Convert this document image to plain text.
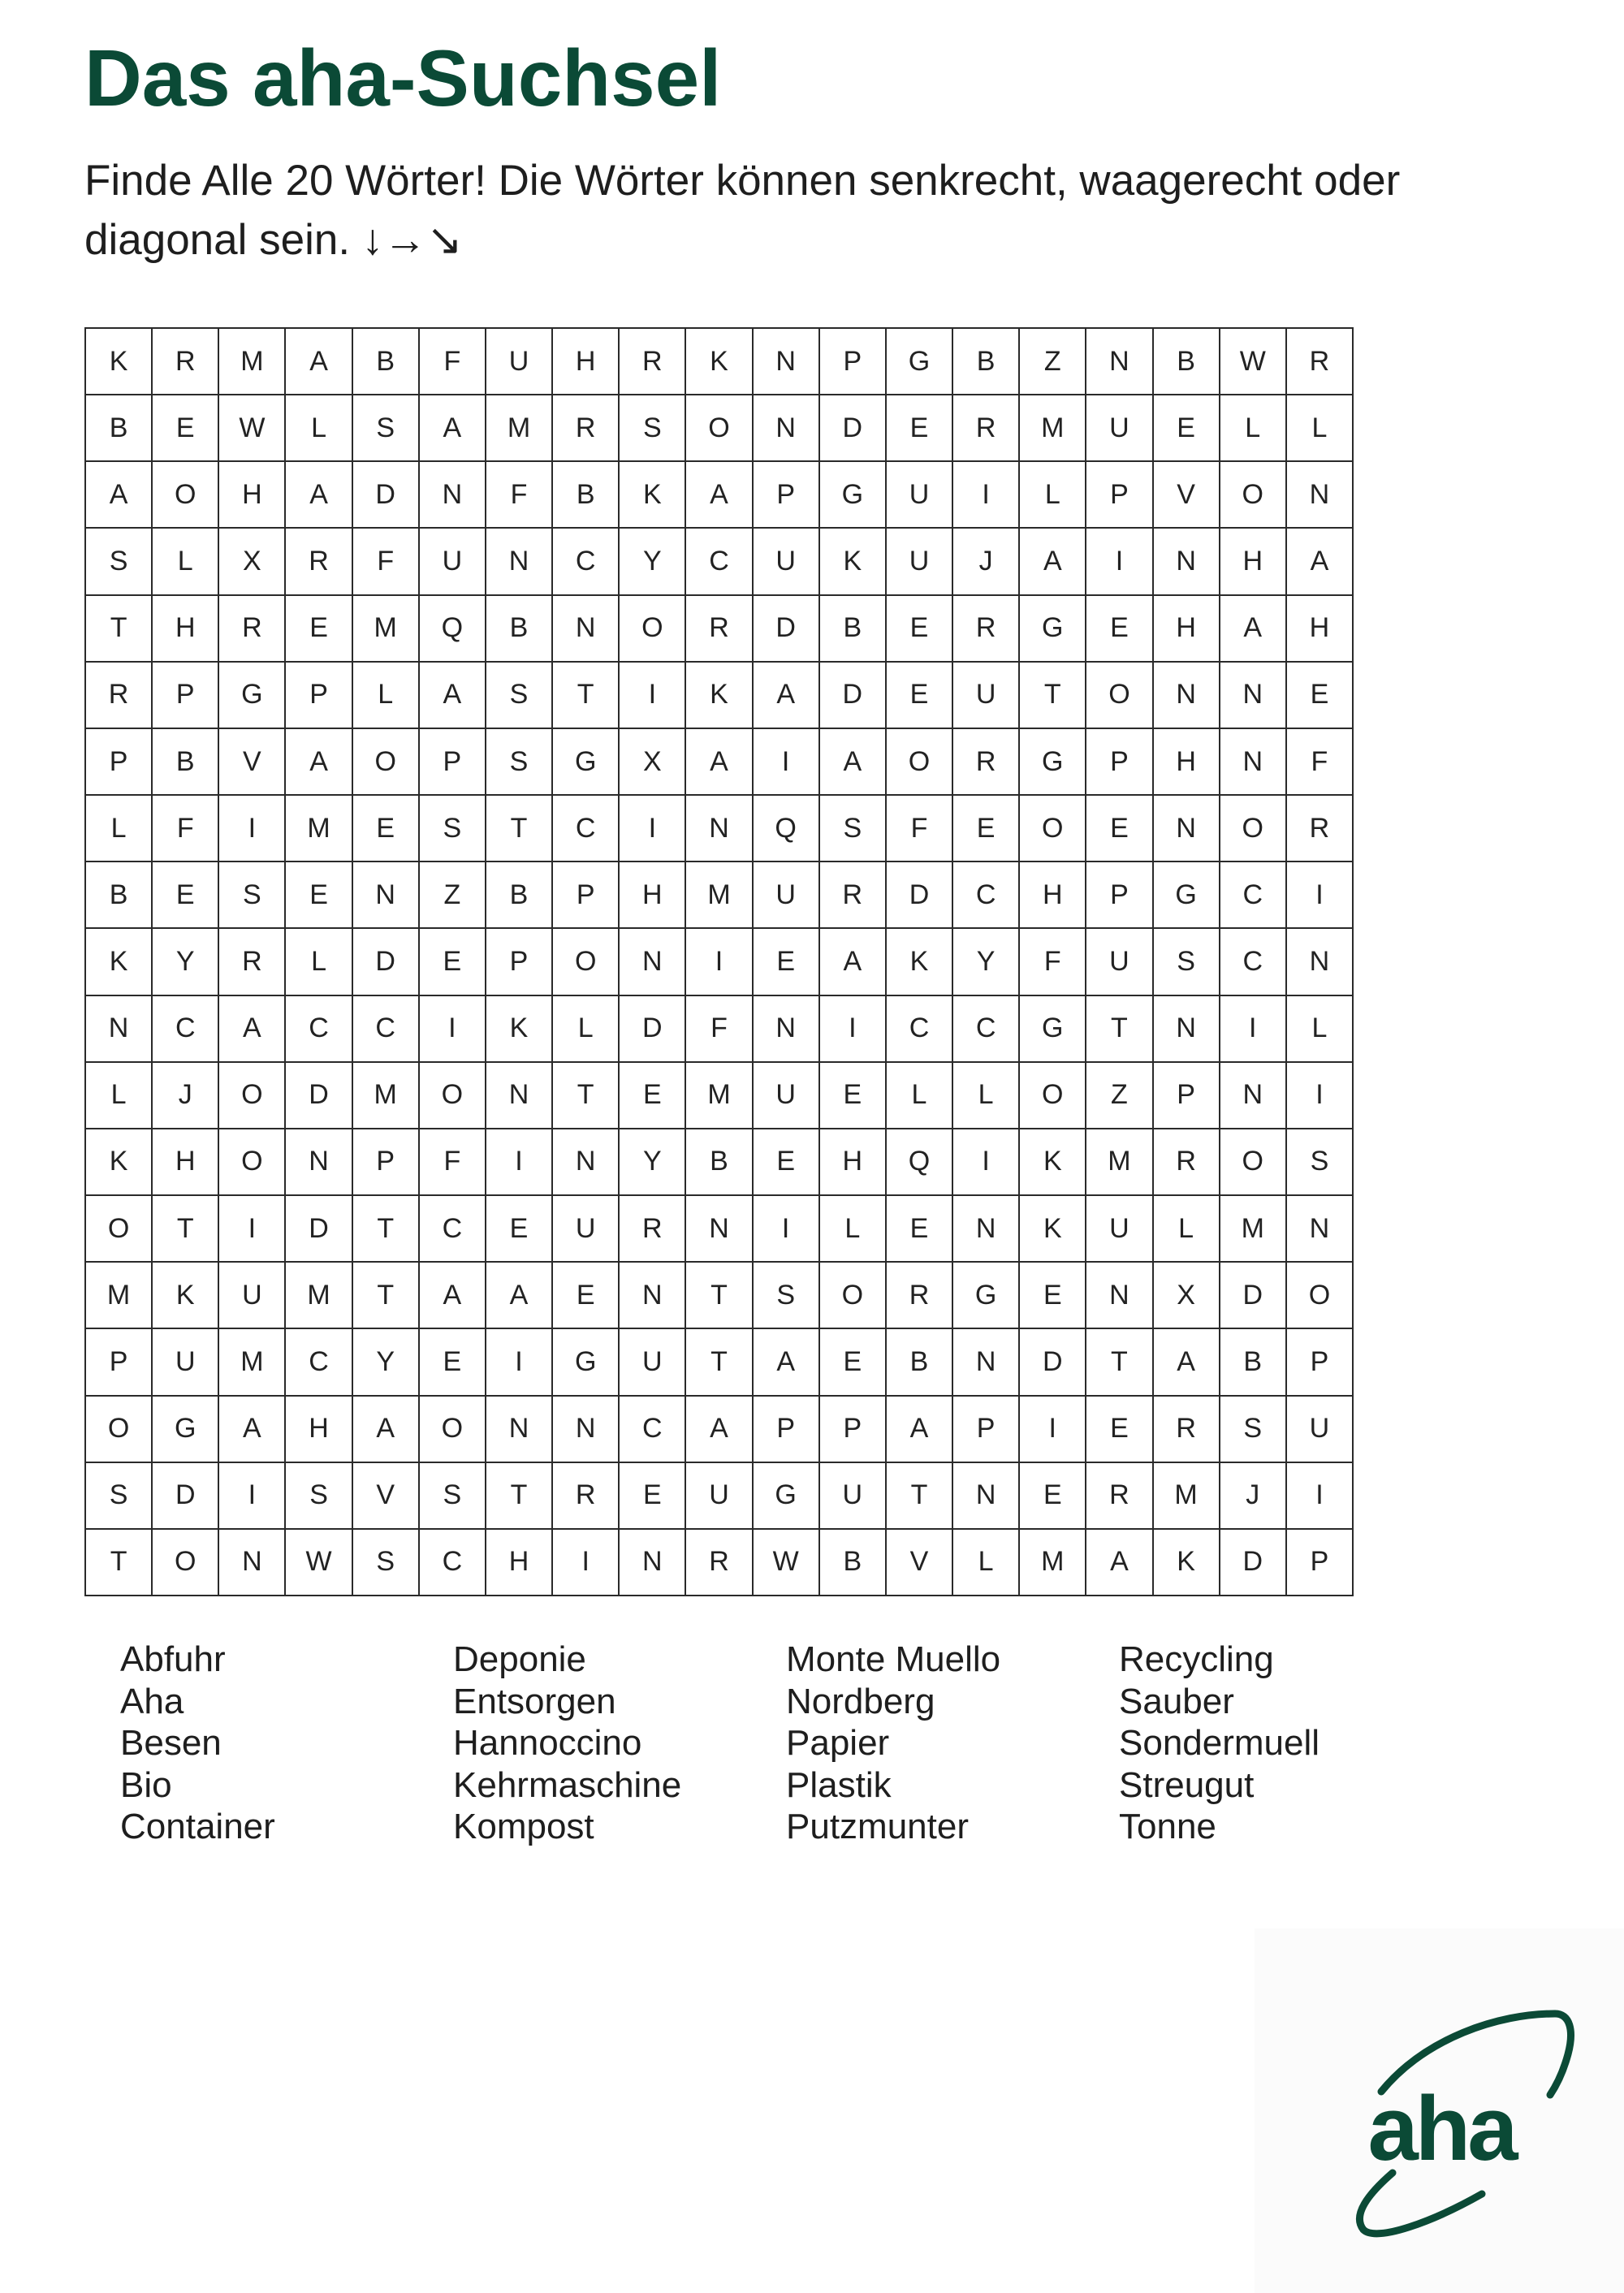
Das aha-Suchsel

Finde Alle 20 Wörter! Die Wörter können senkrecht, waagerecht oder diagonal sein. ↓→↘

K	R	M	A	B	F	U	H	R	K	N	P	G	B	Z	N	B	W	R
B	E	W	L	S	A	M	R	S	O	N	D	E	R	M	U	E	L	L
A	O	H	A	D	N	F	B	K	A	P	G	U	I	L	P	V	O	N
S	L	X	R	F	U	N	C	Y	C	U	K	U	J	A	I	N	H	A
T	H	R	E	M	Q	B	N	O	R	D	B	E	R	G	E	H	A	H
R	P	G	P	L	A	S	T	I	K	A	D	E	U	T	O	N	N	E
P	B	V	A	O	P	S	G	X	A	I	A	O	R	G	P	H	N	F
L	F	I	M	E	S	T	C	I	N	Q	S	F	E	O	E	N	O	R
B	E	S	E	N	Z	B	P	H	M	U	R	D	C	H	P	G	C	I
K	Y	R	L	D	E	P	O	N	I	E	A	K	Y	F	U	S	C	N
N	C	A	C	C	I	K	L	D	F	N	I	C	C	G	T	N	I	L
L	J	O	D	M	O	N	T	E	M	U	E	L	L	O	Z	P	N	I
K	H	O	N	P	F	I	N	Y	B	E	H	Q	I	K	M	R	O	S
O	T	I	D	T	C	E	U	R	N	I	L	E	N	K	U	L	M	N
M	K	U	M	T	A	A	E	N	T	S	O	R	G	E	N	X	D	O
P	U	M	C	Y	E	I	G	U	T	A	E	B	N	D	T	A	B	P
O	G	A	H	A	O	N	N	C	A	P	P	A	P	I	E	R	S	U
S	D	I	S	V	S	T	R	E	U	G	U	T	N	E	R	M	J	I
T	O	N	W	S	C	H	I	N	R	W	B	V	L	M	A	K	D	P
Abfuhr
Aha
Besen
Bio
Container
Deponie
Entsorgen
Hannoccino
Kehrmaschine
Kompost
Monte Muello
Nordberg
Papier
Plastik
Putzmunter
Recycling
Sauber
Sondermuell
Streugut
Tonne
aha
